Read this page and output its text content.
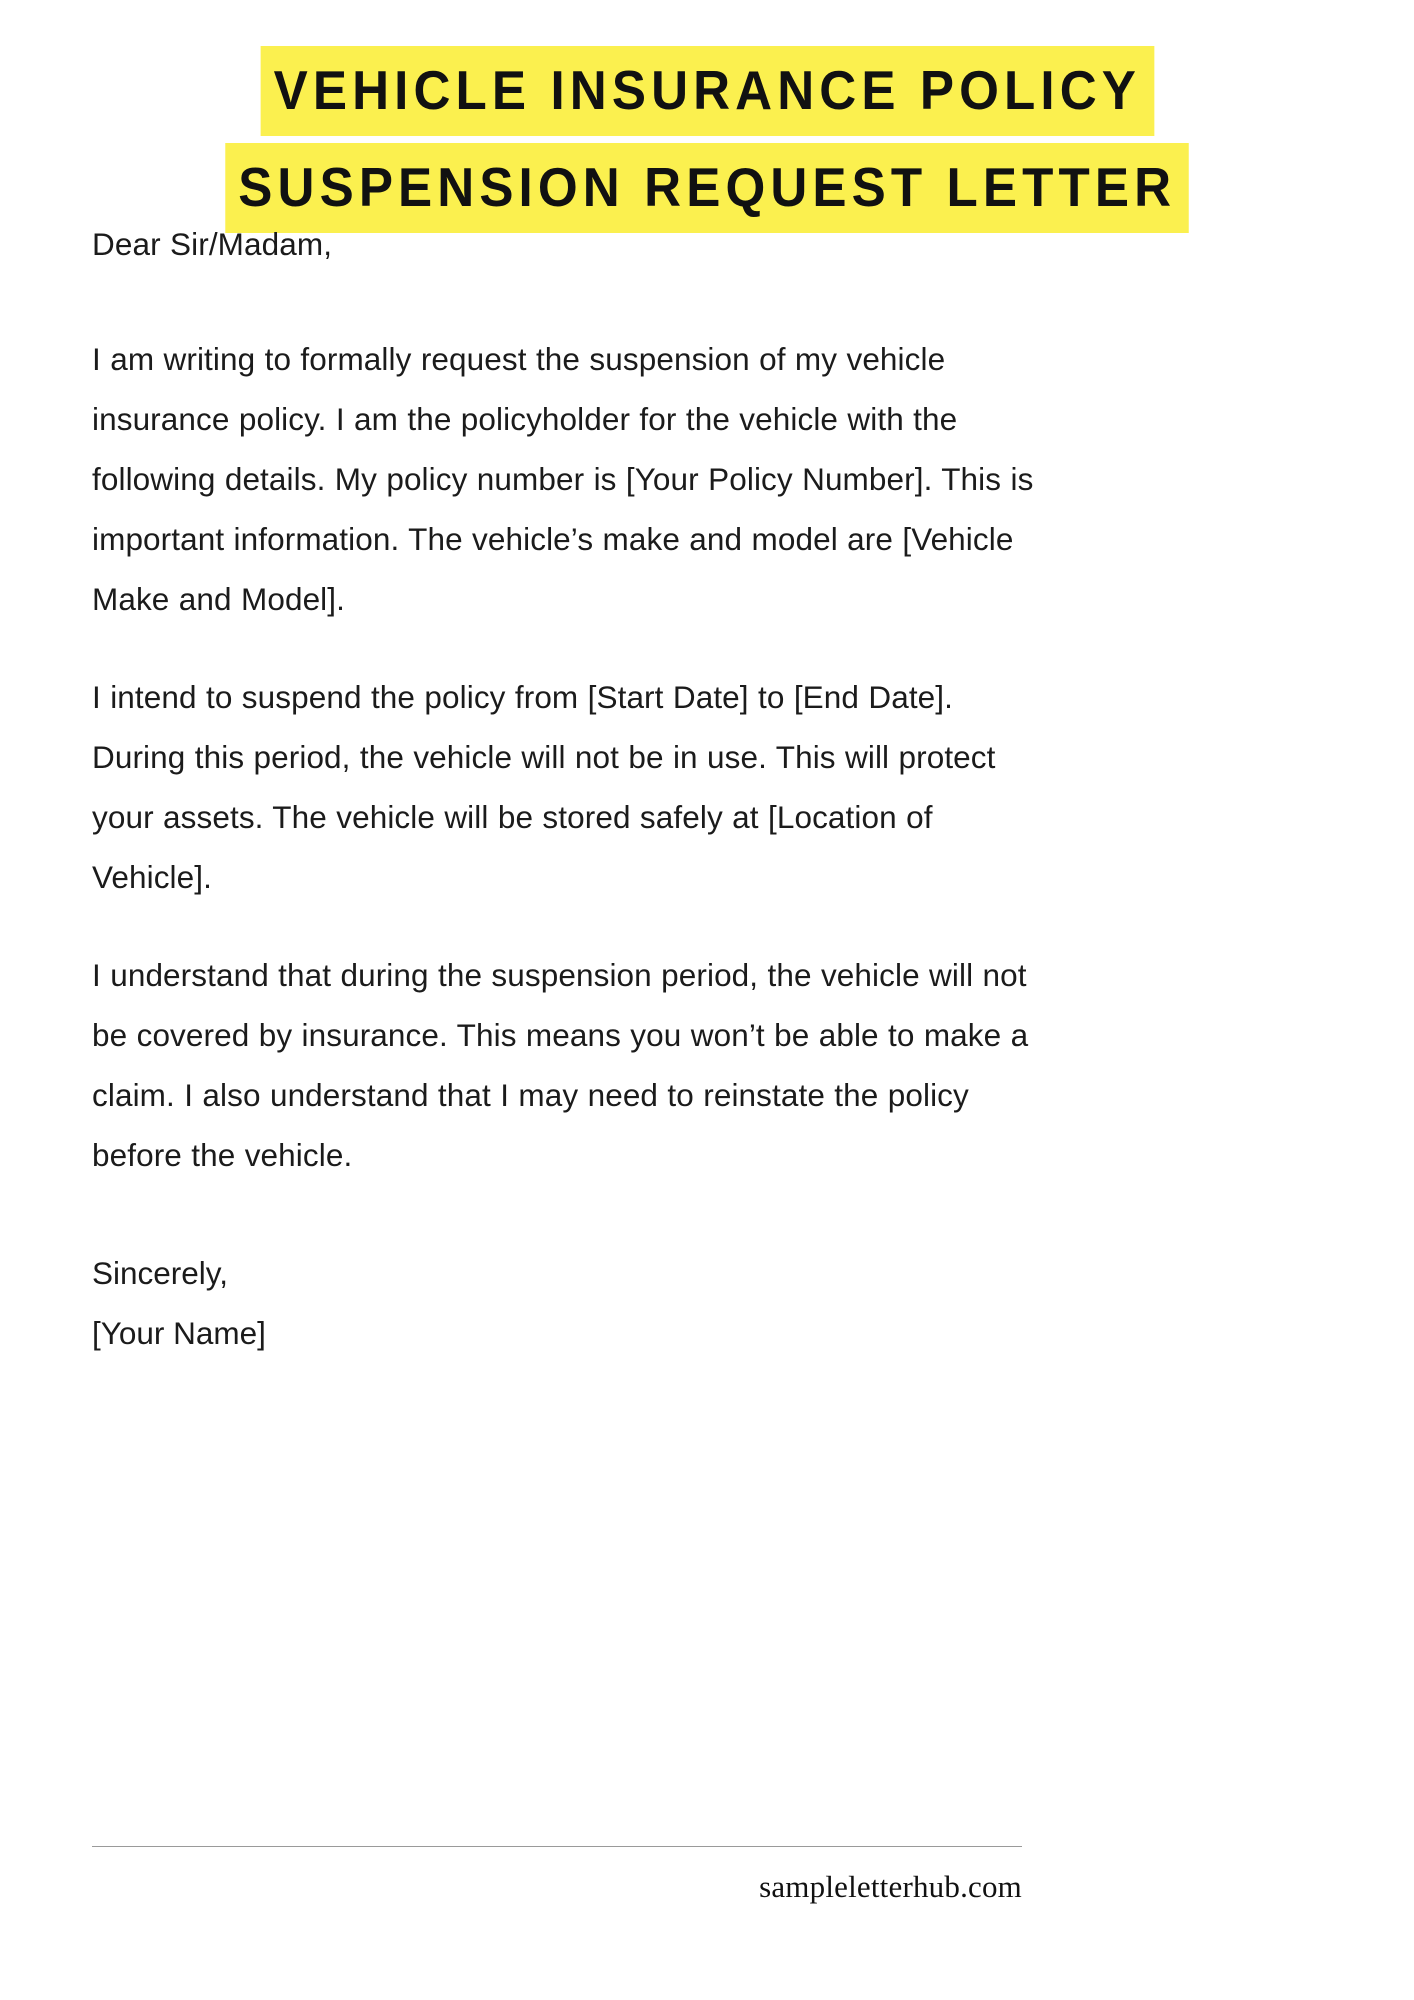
VEHICLE INSURANCE POLICY
SUSPENSION REQUEST LETTER

Dear Sir/Madam,

I am writing to formally request the suspension of my vehicle insurance policy. I am the policyholder for the vehicle with the following details. My policy number is [Your Policy Number]. This is important information. The vehicle’s make and model are [Vehicle Make and Model].

I intend to suspend the policy from [Start Date] to [End Date]. During this period, the vehicle will not be in use. This will protect your assets. The vehicle will be stored safely at [Location of Vehicle].

I understand that during the suspension period, the vehicle will not be covered by insurance. This means you won’t be able to make a claim. I also understand that I may need to reinstate the policy before the vehicle.

Sincerely,

[Your Name]

sampleletterhub.com
